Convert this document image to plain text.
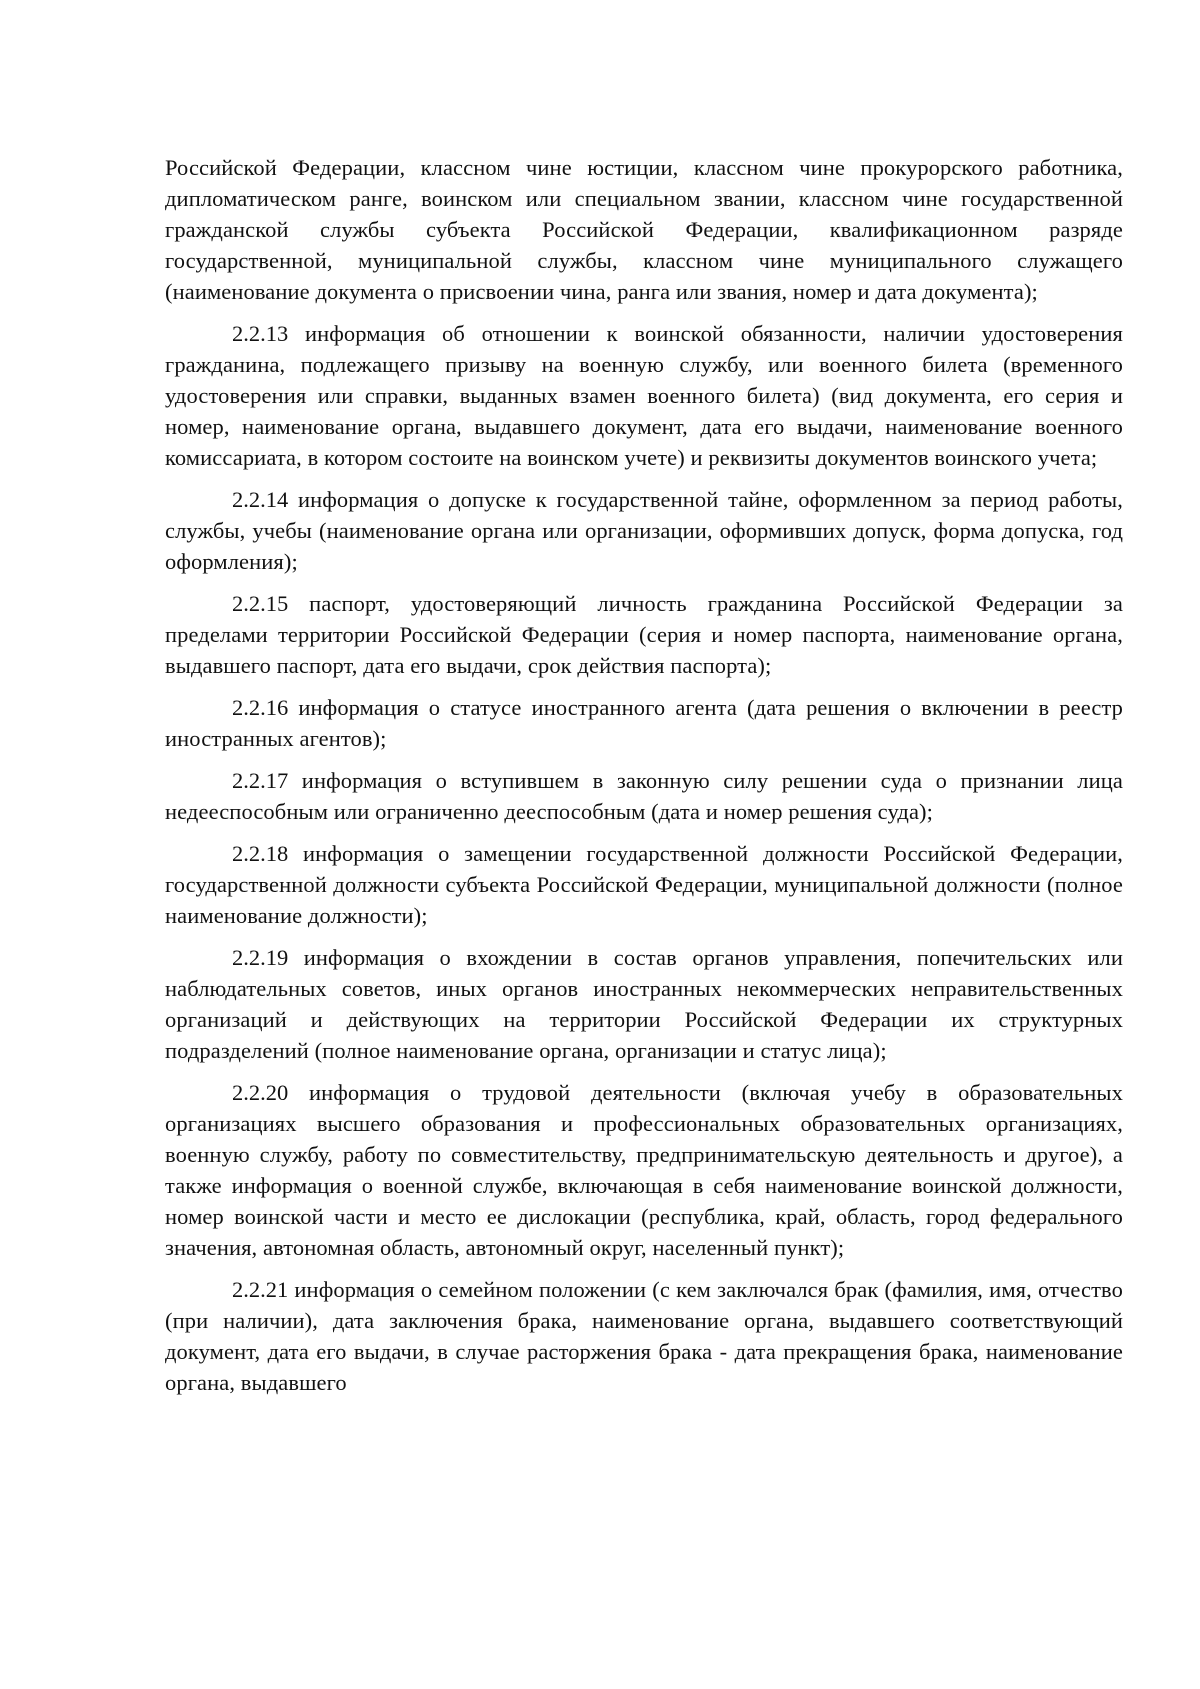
Российской Федерации, классном чине юстиции, классном чине прокурорского работника, дипломатическом ранге, воинском или специальном звании, классном чине государственной гражданской службы субъекта Российской Федерации, квалификационном разряде государственной, муниципальной службы, классном чине муниципального служащего (наименование документа о присвоении чина, ранга или звания, номер и дата документа);

2.2.13 информация об отношении к воинской обязанности, наличии удостоверения гражданина, подлежащего призыву на военную службу, или военного билета (временного удостоверения или справки, выданных взамен военного билета) (вид документа, его серия и номер, наименование органа, выдавшего документ, дата его выдачи, наименование военного комиссариата, в котором состоите на воинском учете) и реквизиты документов воинского учета;

2.2.14 информация о допуске к государственной тайне, оформленном за период работы, службы, учебы (наименование органа или организации, оформивших допуск, форма допуска, год оформления);

2.2.15 паспорт, удостоверяющий личность гражданина Российской Федерации за пределами территории Российской Федерации (серия и номер паспорта, наименование органа, выдавшего паспорт, дата его выдачи, срок действия паспорта);

2.2.16 информация о статусе иностранного агента (дата решения о включении в реестр иностранных агентов);

2.2.17 информация о вступившем в законную силу решении суда о признании лица недееспособным или ограниченно дееспособным (дата и номер решения суда);

2.2.18 информация о замещении государственной должности Российской Федерации, государственной должности субъекта Российской Федерации, муниципальной должности (полное наименование должности);

2.2.19 информация о вхождении в состав органов управления, попечительских или наблюдательных советов, иных органов иностранных некоммерческих неправительственных организаций и действующих на территории Российской Федерации их структурных подразделений (полное наименование органа, организации и статус лица);

2.2.20 информация о трудовой деятельности (включая учебу в образовательных организациях высшего образования и профессиональных образовательных организациях, военную службу, работу по совместительству, предпринимательскую деятельность и другое), а также информация о военной службе, включающая в себя наименование воинской должности, номер воинской части и место ее дислокации (республика, край, область, город федерального значения, автономная область, автономный округ, населенный пункт);

2.2.21 информация о семейном положении (с кем заключался брак (фамилия, имя, отчество (при наличии), дата заключения брака, наименование органа, выдавшего соответствующий документ, дата его выдачи, в случае расторжения брака - дата прекращения брака, наименование органа, выдавшего
